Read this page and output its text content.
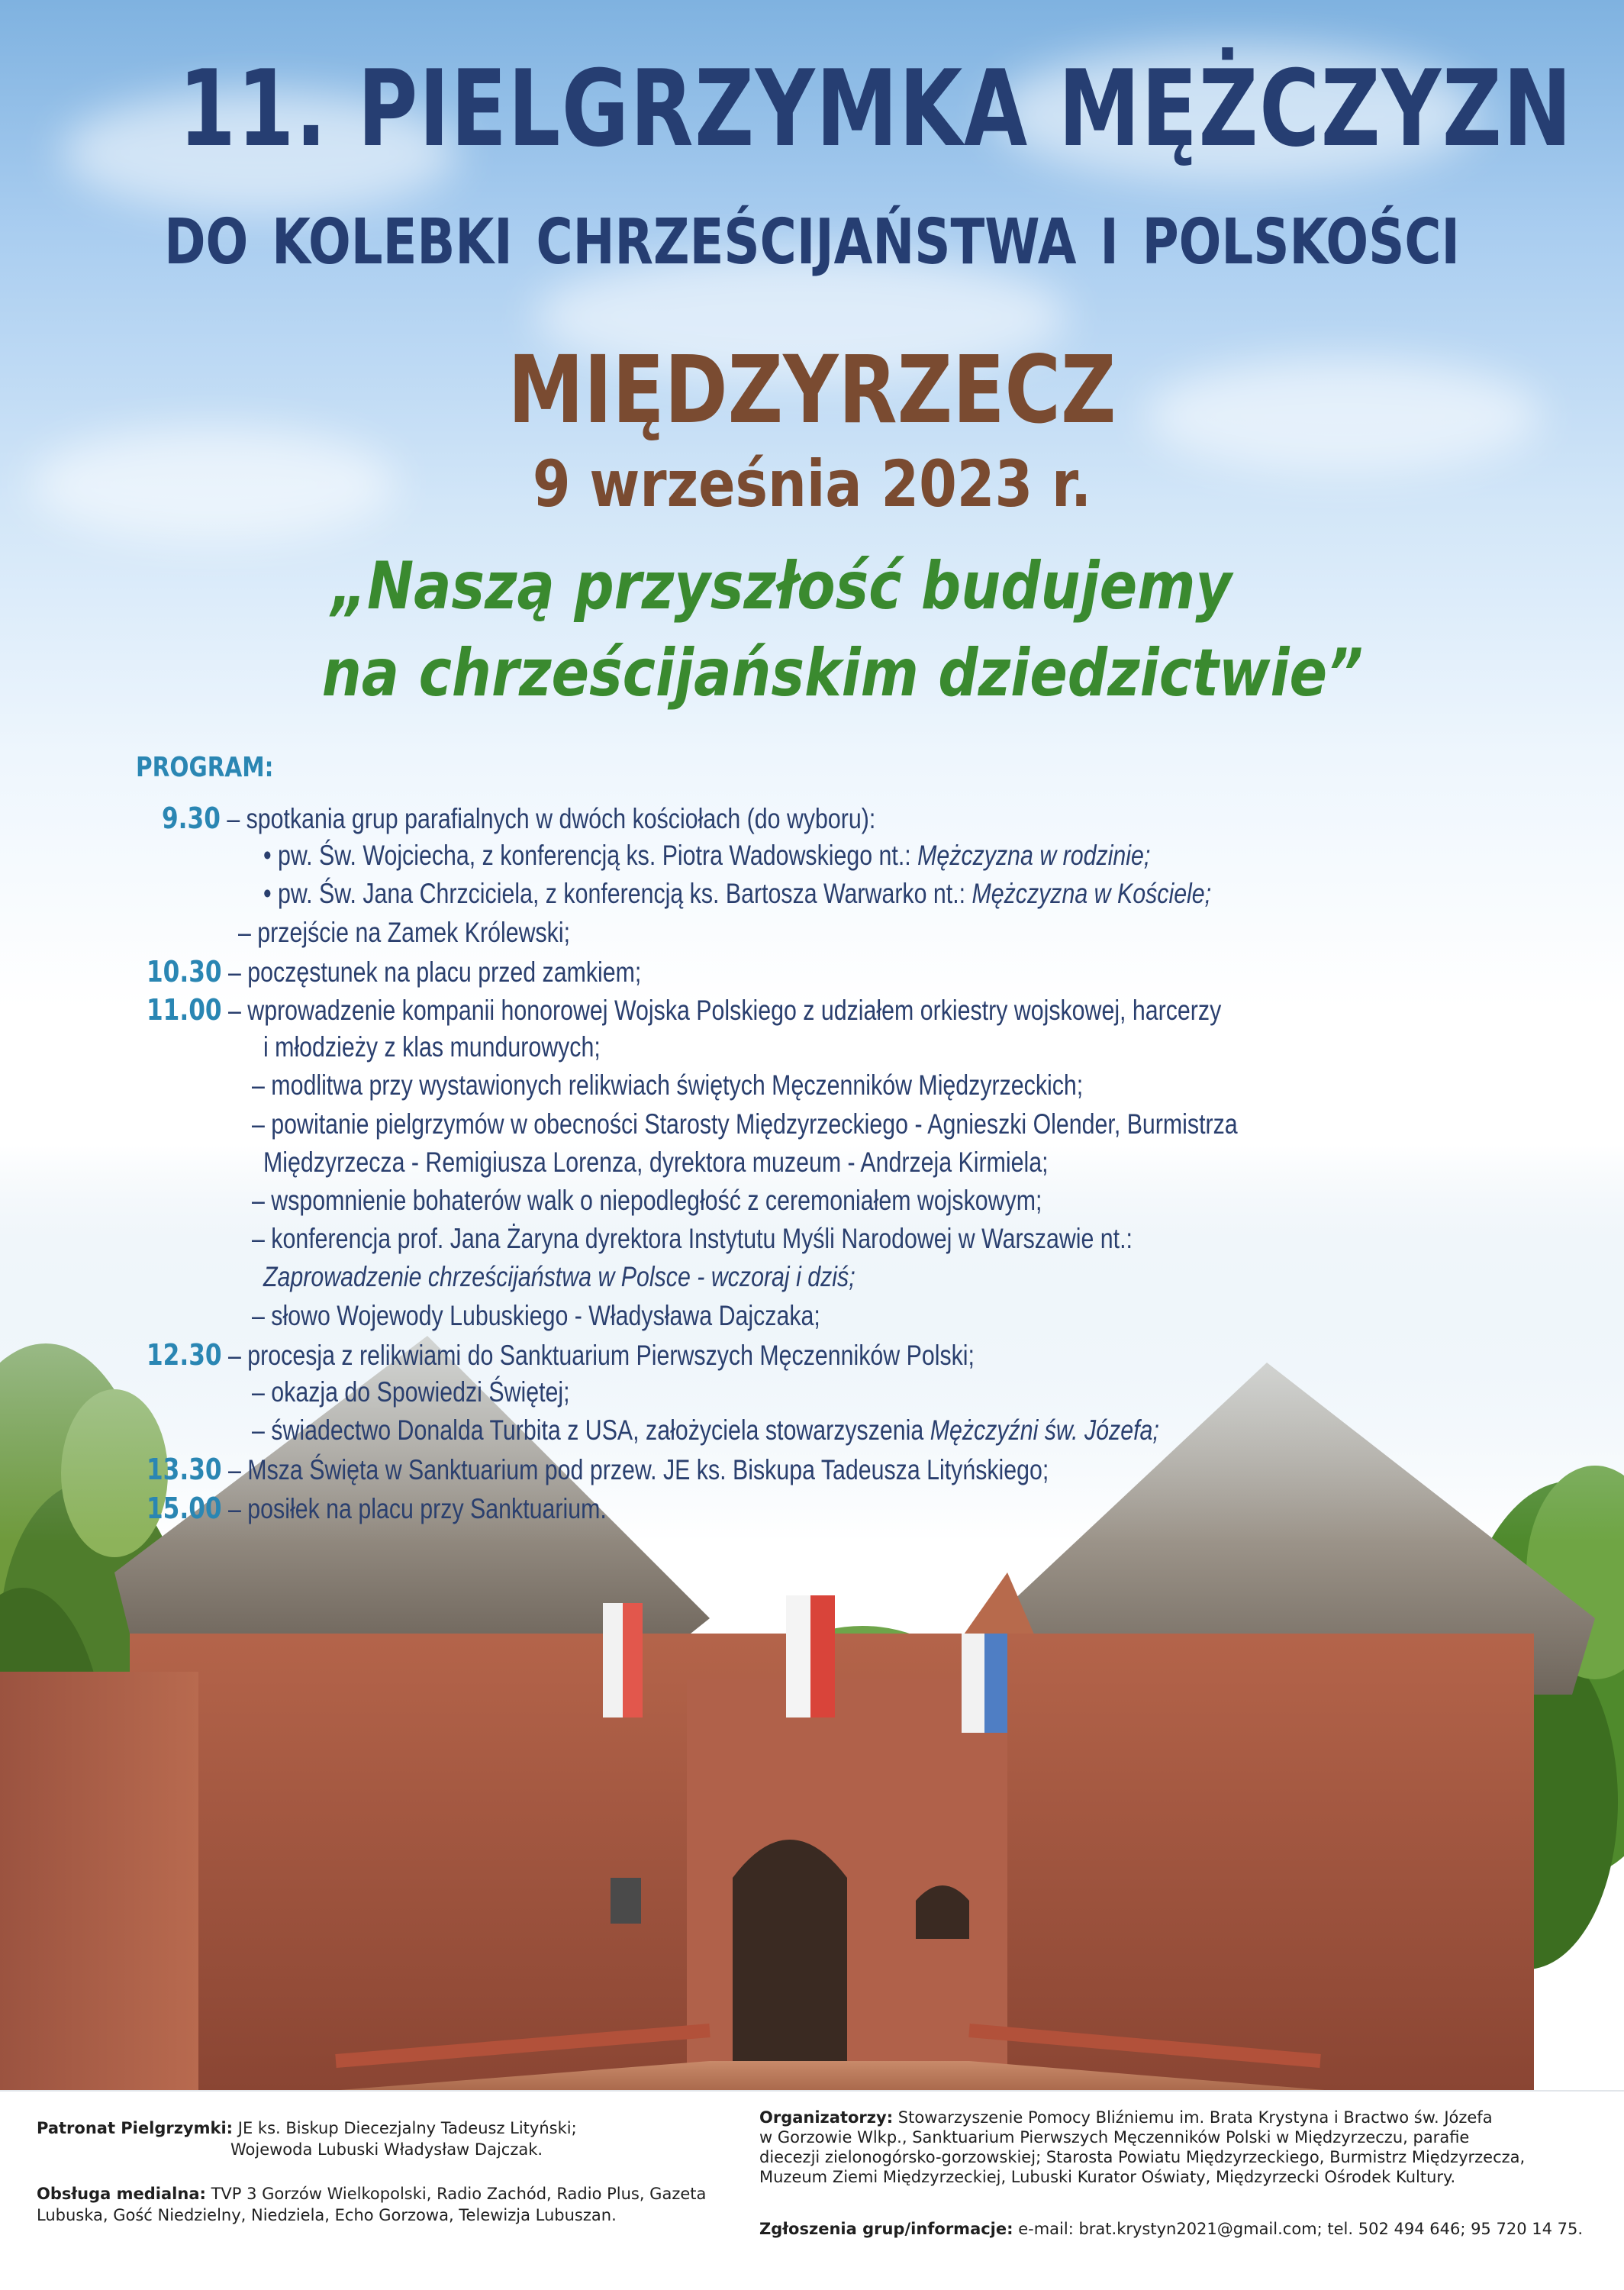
11. PIELGRZYMKA MĘŻCZYZN
DO KOLEBKI CHRZEŚCIJAŃSTWA I POLSKOŚCI
MIĘDZYRZECZ
9 września 2023 r.
„Naszą przyszłość budujemy
na chrześcijańskim dziedzictwie”
PROGRAM:
9.30 – spotkania grup parafialnych w dwóch kościołach (do wyboru):
• pw. Św. Wojciecha, z konferencją ks. Piotra Wadowskiego nt.: Mężczyzna w rodzinie;
• pw. Św. Jana Chrzciciela, z konferencją ks. Bartosza Warwarko nt.: Mężczyzna w Kościele;
– przejście na Zamek Królewski;
10.30 – poczęstunek na placu przed zamkiem;
11.00 – wprowadzenie kompanii honorowej Wojska Polskiego z udziałem orkiestry wojskowej, harcerzy
i młodzieży z klas mundurowych;
– modlitwa przy wystawionych relikwiach świętych Męczenników Międzyrzeckich;
– powitanie pielgrzymów w obecności Starosty Międzyrzeckiego - Agnieszki Olender, Burmistrza
Międzyrzecza - Remigiusza Lorenza, dyrektora muzeum - Andrzeja Kirmiela;
– wspomnienie bohaterów walk o niepodległość z ceremoniałem wojskowym;
– konferencja prof. Jana Żaryna dyrektora Instytutu Myśli Narodowej w Warszawie nt.:
Zaprowadzenie chrześcijaństwa w Polsce - wczoraj i dziś;
– słowo Wojewody Lubuskiego - Władysława Dajczaka;
12.30 – procesja z relikwiami do Sanktuarium Pierwszych Męczenników Polski;
– okazja do Spowiedzi Świętej;
– świadectwo Donalda Turbita z USA, założyciela stowarzyszenia Mężczyźni św. Józefa;
13.30 – Msza Święta w Sanktuarium pod przew. JE ks. Biskupa Tadeusza Lityńskiego;
15.00 – posiłek na placu przy Sanktuarium.
Patronat Pielgrzymki: JE ks. Biskup Diecezjalny Tadeusz Lityński;
Wojewoda Lubuski Władysław Dajczak.
Obsługa medialna: TVP 3 Gorzów Wielkopolski, Radio Zachód, Radio Plus, Gazeta
Lubuska, Gość Niedzielny, Niedziela, Echo Gorzowa, Telewizja Lubuszan.
Organizatorzy: Stowarzyszenie Pomocy Bliźniemu im. Brata Krystyna i Bractwo św. Józefa
w Gorzowie Wlkp., Sanktuarium Pierwszych Męczenników Polski w Międzyrzeczu, parafie
diecezji zielonogórsko-gorzowskiej; Starosta Powiatu Międzyrzeckiego, Burmistrz Międzyrzecza,
Muzeum Ziemi Międzyrzeckiej, Lubuski Kurator Oświaty, Międzyrzecki Ośrodek Kultury.
Zgłoszenia grup/informacje: e-mail: brat.krystyn2021@gmail.com; tel. 502 494 646; 95 720 14 75.
